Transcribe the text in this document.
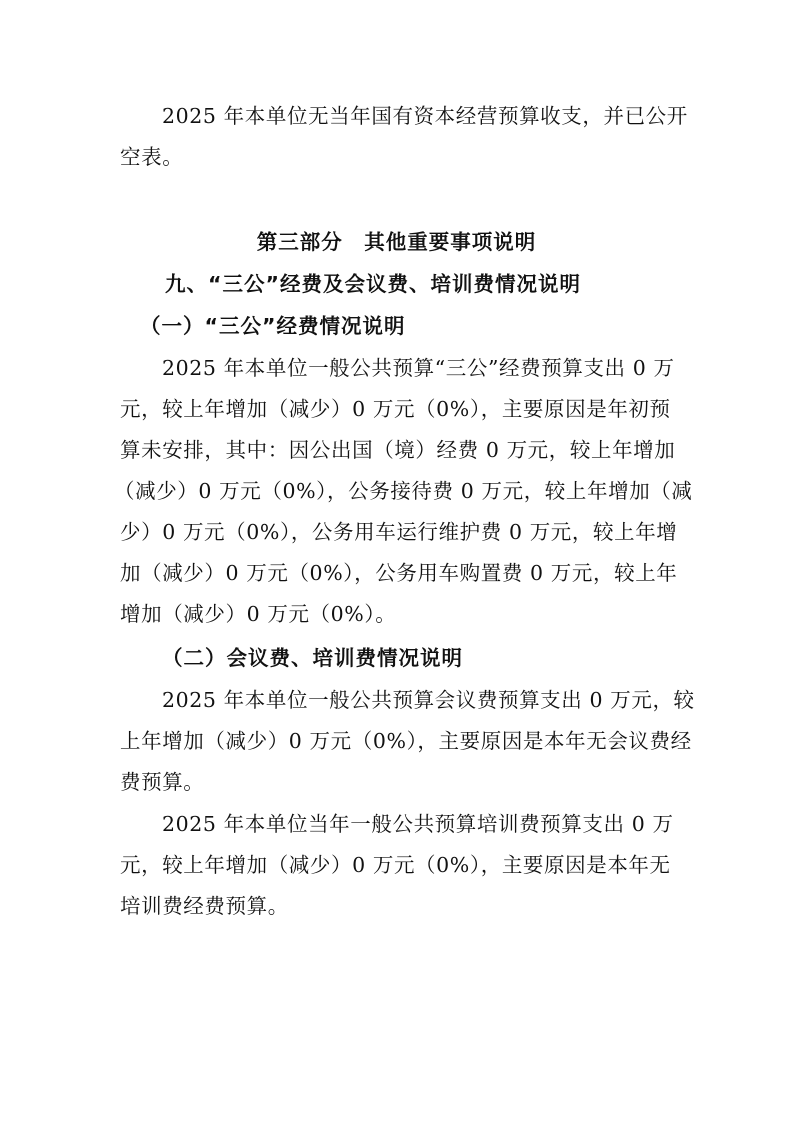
2025 年本单位无当年国有资本经营预算收支，并已公开
空表。
第三部分　其他重要事项说明
九、“三公”经费及会议费、培训费情况说明
（一）“三公”经费情况说明
2025 年本单位一般公共预算“三公”经费预算支出 0 万
元，较上年增加（减少）0 万元（0%），主要原因是年初预
算未安排，其中：因公出国（境）经费 0 万元，较上年增加
（减少）0 万元（0%），公务接待费 0 万元，较上年增加（减
少）0 万元（0%），公务用车运行维护费 0 万元，较上年增
加（减少）0 万元（0%），公务用车购置费 0 万元，较上年
增加（减少）0 万元（0%）。
（二）会议费、培训费情况说明
2025 年本单位一般公共预算会议费预算支出 0 万元，较
上年增加（减少）0 万元（0%），主要原因是本年无会议费经
费预算。
2025 年本单位当年一般公共预算培训费预算支出 0 万
元，较上年增加（减少）0 万元（0%），主要原因是本年无
培训费经费预算。
